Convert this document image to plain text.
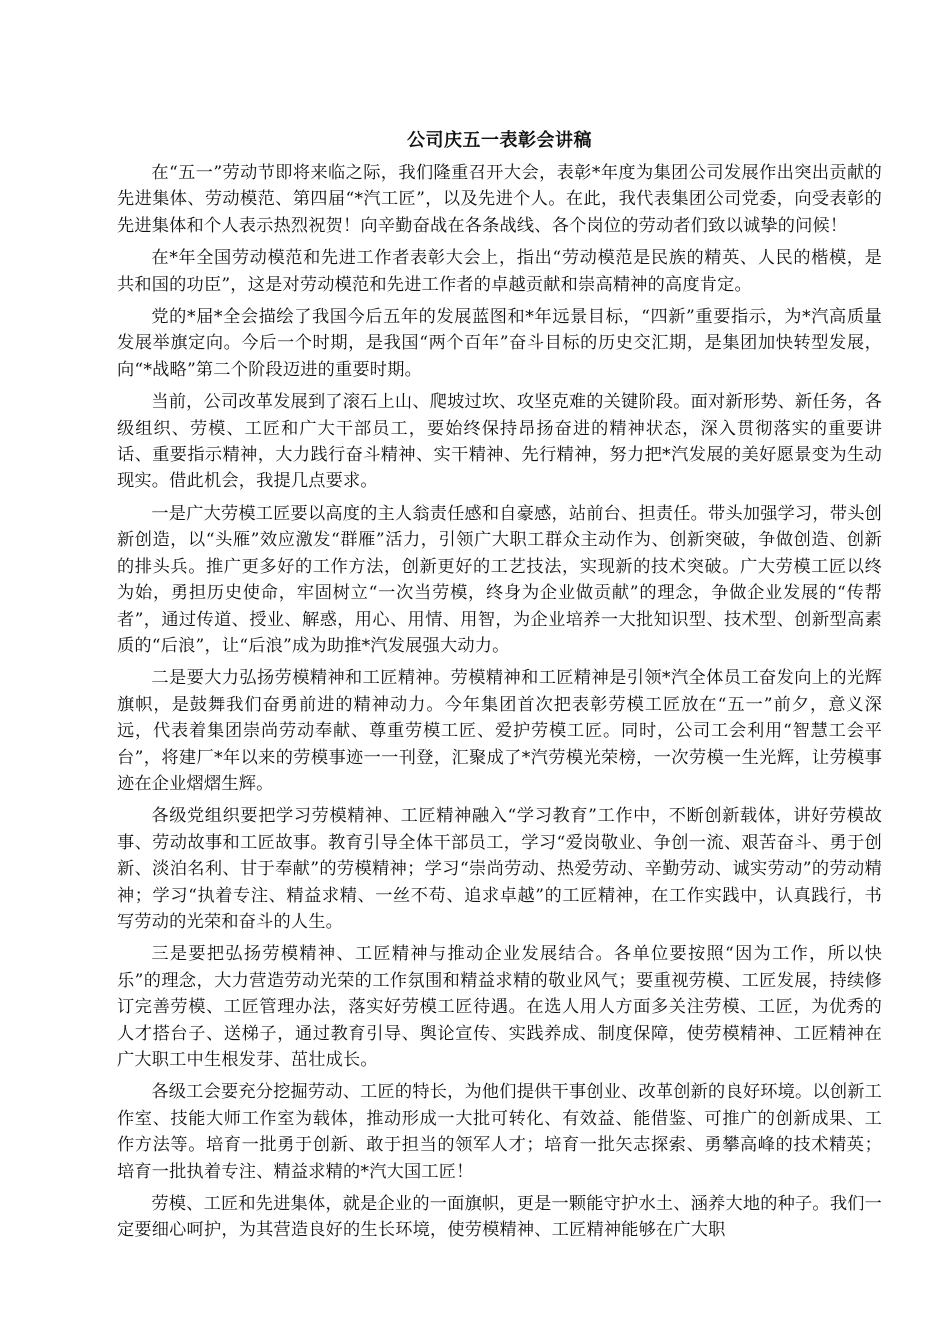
公司庆五一表彰会讲稿

在“五一”劳动节即将来临之际，我们隆重召开大会，表彰*年度为集团公司发展作出突出贡献的先进集体、劳动模范、第四届“*汽工匠”，以及先进个人。在此，我代表集团公司党委，向受表彰的先进集体和个人表示热烈祝贺！向辛勤奋战在各条战线、各个岗位的劳动者们致以诚挚的问候！

在*年全国劳动模范和先进工作者表彰大会上，指出“劳动模范是民族的精英、人民的楷模，是共和国的功臣”，这是对劳动模范和先进工作者的卓越贡献和崇高精神的高度肯定。

党的*届*全会描绘了我国今后五年的发展蓝图和*年远景目标，“四新”重要指示，为*汽高质量发展举旗定向。今后一个时期，是我国“两个百年”奋斗目标的历史交汇期，是集团加快转型发展，向“*战略”第二个阶段迈进的重要时期。

当前，公司改革发展到了滚石上山、爬坡过坎、攻坚克难的关键阶段。面对新形势、新任务，各级组织、劳模、工匠和广大干部员工，要始终保持昂扬奋进的精神状态，深入贯彻落实的重要讲话、重要指示精神，大力践行奋斗精神、实干精神、先行精神，努力把*汽发展的美好愿景变为生动现实。借此机会，我提几点要求。

一是广大劳模工匠要以高度的主人翁责任感和自豪感，站前台、担责任。带头加强学习，带头创新创造，以“头雁”效应激发“群雁”活力，引领广大职工群众主动作为、创新突破，争做创造、创新的排头兵。推广更多好的工作方法，创新更好的工艺技法，实现新的技术突破。广大劳模工匠以终为始，勇担历史使命，牢固树立“一次当劳模，终身为企业做贡献”的理念，争做企业发展的“传帮者”，通过传道、授业、解惑，用心、用情、用智，为企业培养一大批知识型、技术型、创新型高素质的“后浪”，让“后浪”成为助推*汽发展强大动力。

二是要大力弘扬劳模精神和工匠精神。劳模精神和工匠精神是引领*汽全体员工奋发向上的光辉旗帜，是鼓舞我们奋勇前进的精神动力。今年集团首次把表彰劳模工匠放在“五一”前夕，意义深远，代表着集团崇尚劳动奉献、尊重劳模工匠、爱护劳模工匠。同时，公司工会利用“智慧工会平台”，将建厂*年以来的劳模事迹一一刊登，汇聚成了*汽劳模光荣榜，一次劳模一生光辉，让劳模事迹在企业熠熠生辉。

各级党组织要把学习劳模精神、工匠精神融入“学习教育”工作中，不断创新载体，讲好劳模故事、劳动故事和工匠故事。教育引导全体干部员工，学习“爱岗敬业、争创一流、艰苦奋斗、勇于创新、淡泊名利、甘于奉献”的劳模精神；学习“崇尚劳动、热爱劳动、辛勤劳动、诚实劳动”的劳动精神；学习“执着专注、精益求精、一丝不苟、追求卓越”的工匠精神，在工作实践中，认真践行，书写劳动的光荣和奋斗的人生。

三是要把弘扬劳模精神、工匠精神与推动企业发展结合。各单位要按照“因为工作，所以快乐”的理念，大力营造劳动光荣的工作氛围和精益求精的敬业风气；要重视劳模、工匠发展，持续修订完善劳模、工匠管理办法，落实好劳模工匠待遇。在选人用人方面多关注劳模、工匠，为优秀的人才搭台子、送梯子，通过教育引导、舆论宣传、实践养成、制度保障，使劳模精神、工匠精神在广大职工中生根发芽、茁壮成长。

各级工会要充分挖掘劳动、工匠的特长，为他们提供干事创业、改革创新的良好环境。以创新工作室、技能大师工作室为载体，推动形成一大批可转化、有效益、能借鉴、可推广的创新成果、工作方法等。培育一批勇于创新、敢于担当的领军人才；培育一批矢志探索、勇攀高峰的技术精英；培育一批执着专注、精益求精的*汽大国工匠！

劳模、工匠和先进集体，就是企业的一面旗帜，更是一颗能守护水土、涵养大地的种子。我们一定要细心呵护，为其营造良好的生长环境，使劳模精神、工匠精神能够在广大职
